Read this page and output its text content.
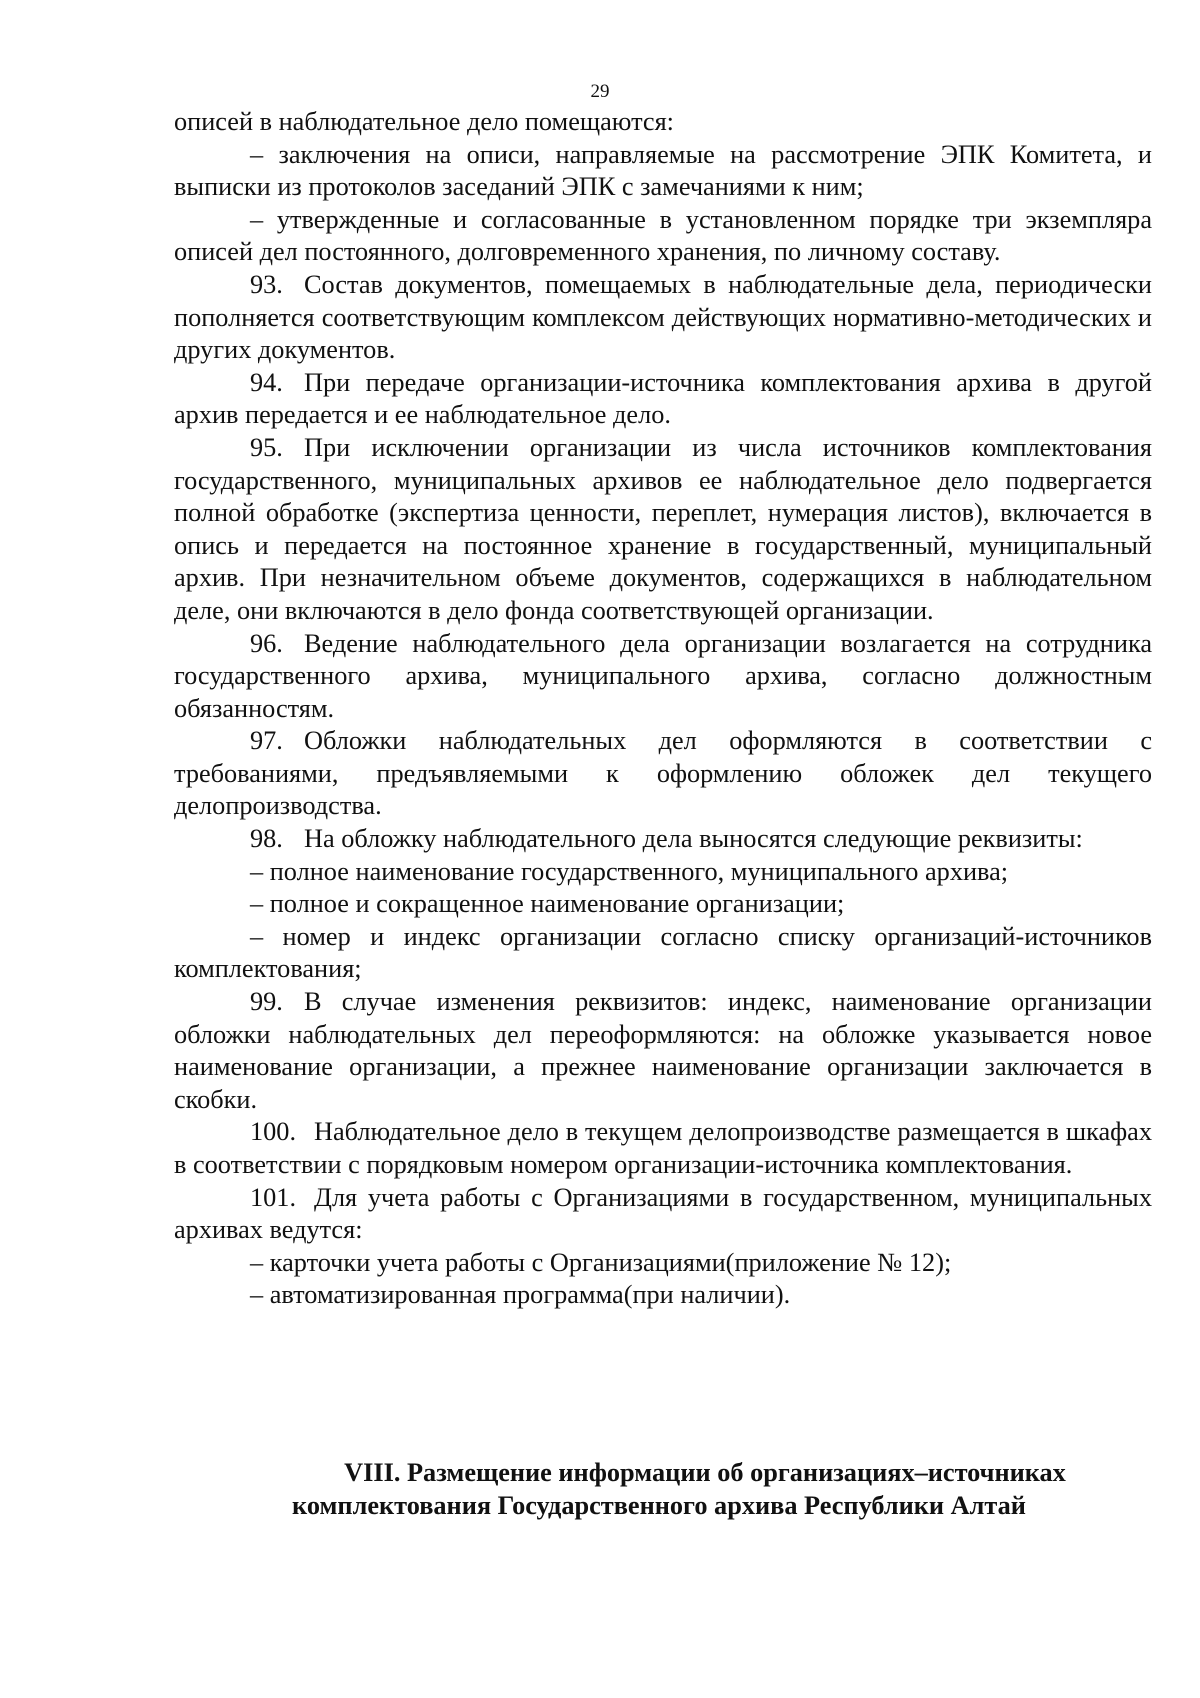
29

описей в наблюдательное дело помещаются:

– заключения на описи, направляемые на рассмотрение ЭПК Комитета, и выписки из протоколов заседаний ЭПК с замечаниями к ним;

– утвержденные и согласованные в установленном порядке три экземпляра описей дел постоянного, долговременного хранения, по личному составу.

93. Состав документов, помещаемых в наблюдательные дела, периодически пополняется соответствующим комплексом действующих нормативно-методических и других документов.

94. При передаче организации-источника комплектования архива в другой архив передается и ее наблюдательное дело.

95. При исключении организации из числа источников комплектования государственного, муниципальных архивов ее наблюдательное дело подвергается полной обработке (экспертиза ценности, переплет, нумерация листов), включается в опись и передается на постоянное хранение в государственный, муниципальный архив. При незначительном объеме документов, содержащихся в наблюдательном деле, они включаются в дело фонда соответствующей организации.

96. Ведение наблюдательного дела организации возлагается на сотрудника государственного архива, муниципального архива, согласно должностным обязанностям.

97. Обложки наблюдательных дел оформляются в соответствии с требованиями, предъявляемыми к оформлению обложек дел текущего делопроизводства.

98. На обложку наблюдательного дела выносятся следующие реквизиты:

– полное наименование государственного, муниципального архива;

– полное и сокращенное наименование организации;

– номер и индекс организации согласно списку организаций-источников комплектования;

99. В случае изменения реквизитов: индекс, наименование организации обложки наблюдательных дел переоформляются: на обложке указывается новое наименование организации, а прежнее наименование организации заключается в скобки.

100. Наблюдательное дело в текущем делопроизводстве размещается в шкафах в соответствии с порядковым номером организации-источника комплектования.

101. Для учета работы с Организациями в государственном, муниципальных архивах ведутся:

– карточки учета работы с Организациями(приложение № 12);

– автоматизированная программа(при наличии).

VIII. Размещение информации об организациях–источниках
комплектования Государственного архива Республики Алтай
